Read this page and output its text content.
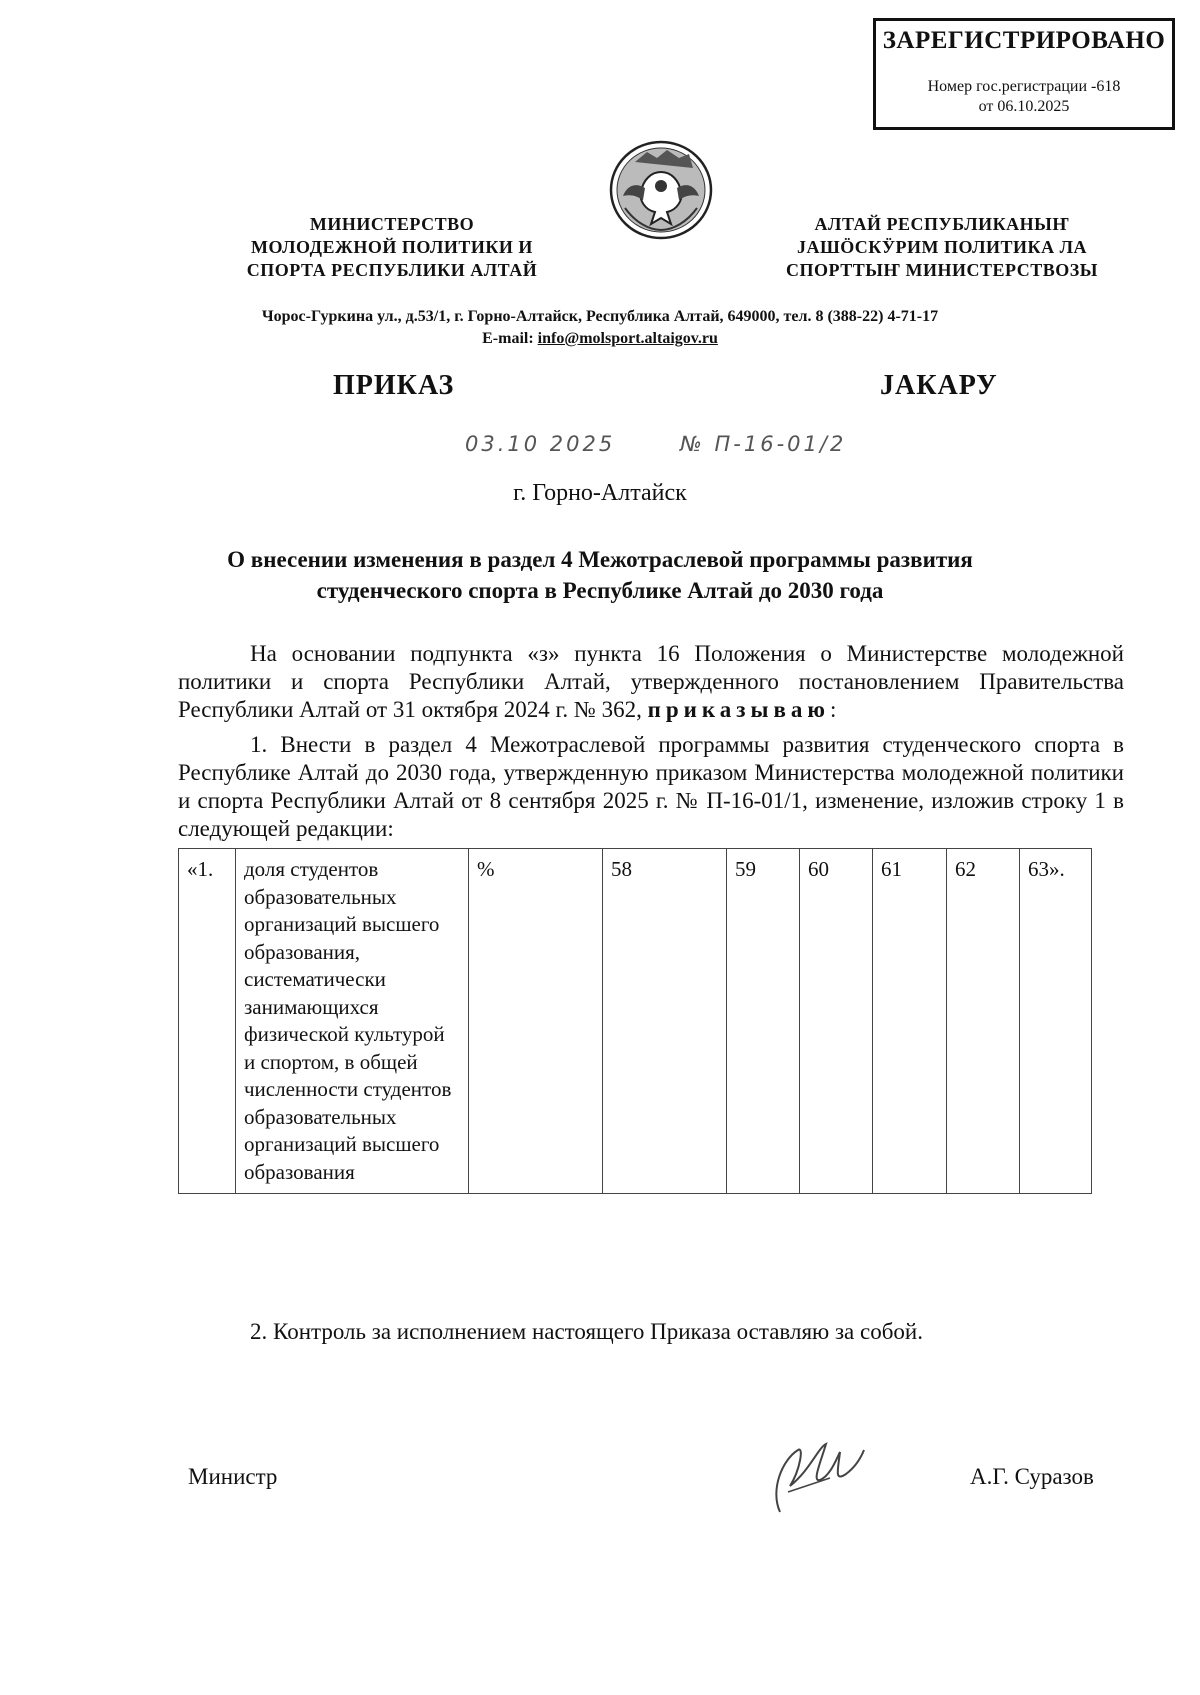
ЗАРЕГИСТРИРОВАНО
Номер гос.регистрации -618
от 06.10.2025
МИНИСТЕРСТВО
МОЛОДЕЖНОЙ ПОЛИТИКИ И
СПОРТА РЕСПУБЛИКИ АЛТАЙ
АЛТАЙ РЕСПУБЛИКАНЫҤ
ЈАШӦСКӰРИМ ПОЛИТИКА ЛА
СПОРТТЫҤ МИНИСТЕРСТВОЗЫ
Чорос-Гуркина ул., д.53/1, г. Горно-Алтайск, Республика Алтай, 649000, тел. 8 (388-22) 4-71-17
E-mail: info@molsport.altaigov.ru
ПРИКАЗ	ЈАКАРУ
03.10 2025	№ П-16-01/2
г. Горно-Алтайск
О внесении изменения в раздел 4 Межотраслевой программы развития
студенческого спорта в Республике Алтай до 2030 года
На основании подпункта «з» пункта 16 Положения о Министерстве молодежной политики и спорта Республики Алтай, утвержденного постановлением Правительства Республики Алтай от 31 октября 2024 г. № 362, приказываю:
1. Внести в раздел 4 Межотраслевой программы развития студенческого спорта в Республике Алтай до 2030 года, утвержденную приказом Министерства молодежной политики и спорта Республики Алтай от 8 сентября 2025 г. № П-16-01/1, изменение, изложив строку 1 в следующей редакции:
«1.	доля студентов образовательных организаций высшего образования, систематически занимающихся физической культурой и спортом, в общей численности студентов образовательных организаций высшего образования	%	58	59	60	61	62	63».
2. Контроль за исполнением настоящего Приказа оставляю за собой.
Министр	А.Г. Суразов
